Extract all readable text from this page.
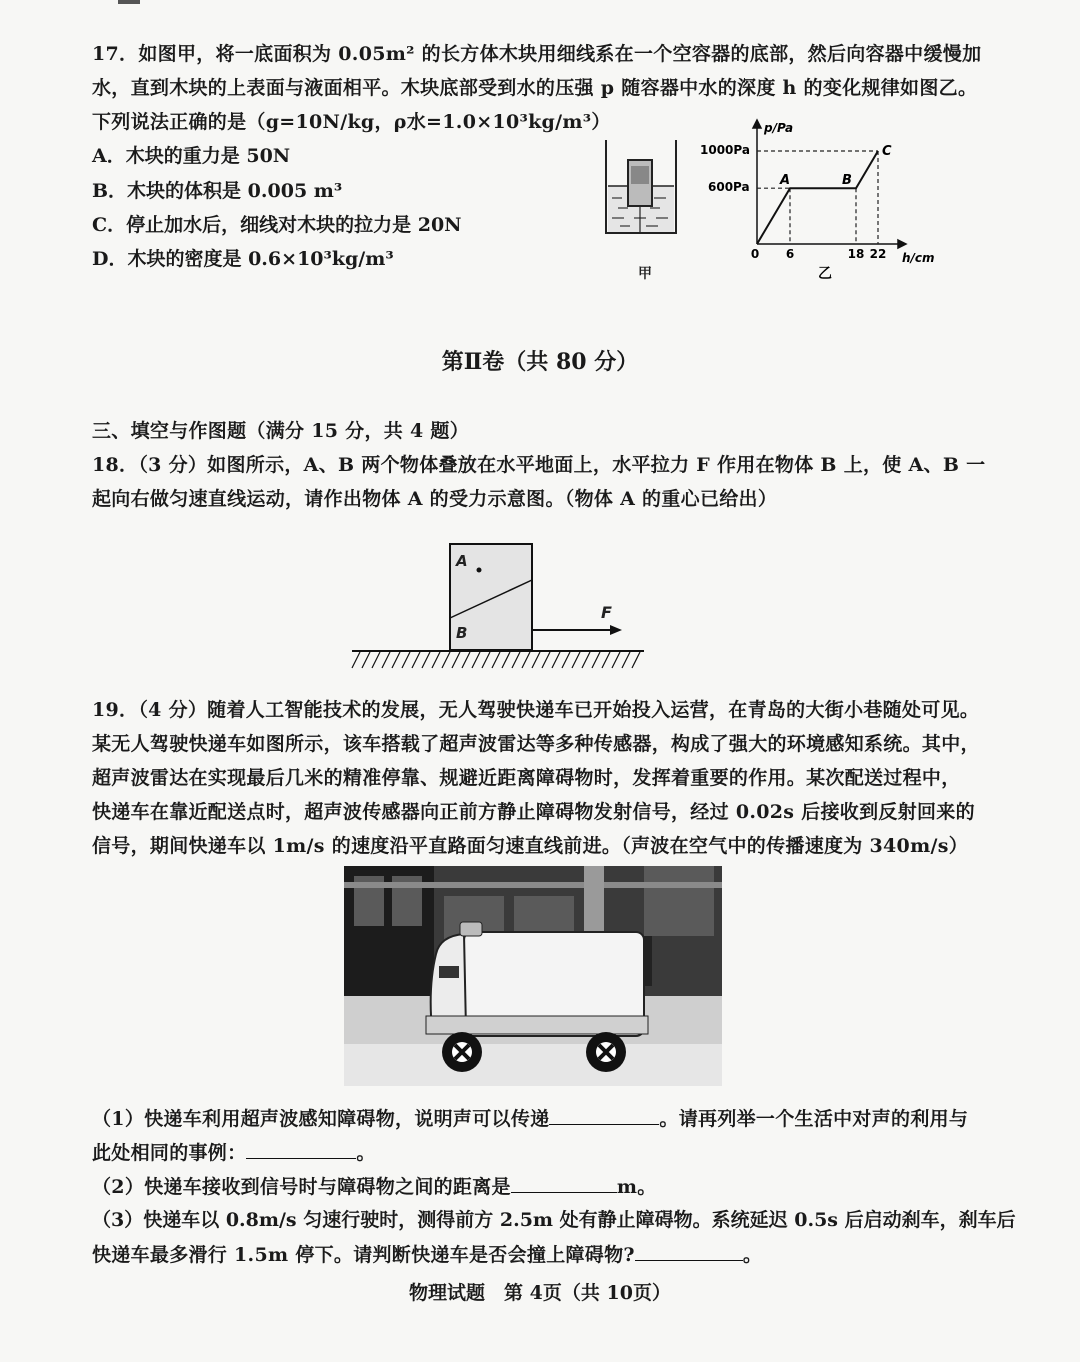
17．如图甲，将一底面积为 0.05m² 的长方体木块用细线系在一个空容器的底部，然后向容器中缓慢加
水，直到木块的上表面与液面相平。木块底部受到水的压强 p 随容器中水的深度 h 的变化规律如图乙。
下列说法正确的是（g=10N/kg，ρ水=1.0×10³kg/m³）
A．木块的重力是 50N
B．木块的体积是 0.005 m³
C．停止加水后，细线对木块的拉力是 20N
D．木块的密度是 0.6×10³kg/m³
甲
p/Pa
h/cm
1000Pa
600Pa
0 6	18 22
A	B
C
乙
第Ⅱ卷（共 80 分）
三、填空与作图题（满分 15 分，共 4 题）
18．（3 分）如图所示，A、B 两个物体叠放在水平地面上，水平拉力 F 作用在物体 B 上，使 A、B 一
起向右做匀速直线运动，请作出物体 A 的受力示意图。（物体 A 的重心已给出）
A
B
F
19．（4 分）随着人工智能技术的发展，无人驾驶快递车已开始投入运营，在青岛的大街小巷随处可见。
某无人驾驶快递车如图所示，该车搭载了超声波雷达等多种传感器，构成了强大的环境感知系统。其中，
超声波雷达在实现最后几米的精准停靠、规避近距离障碍物时，发挥着重要的作用。某次配送过程中，
快递车在靠近配送点时，超声波传感器向正前方静止障碍物发射信号，经过 0.02s 后接收到反射回来的
信号，期间快递车以 1m/s 的速度沿平直路面匀速直线前进。（声波在空气中的传播速度为 340m/s）
（1）快递车利用超声波感知障碍物，说明声可以传递	。请再列举一个生活中对声的利用与
此处相同的事例：	。
（2）快递车接收到信号时与障碍物之间的距离是	m。
（3）快递车以 0.8m/s 匀速行驶时，测得前方 2.5m 处有静止障碍物。系统延迟 0.5s 后启动刹车，刹车后
快递车最多滑行 1.5m 停下。请判断快递车是否会撞上障碍物?	。
物理试题　第 4页（共 10页）
